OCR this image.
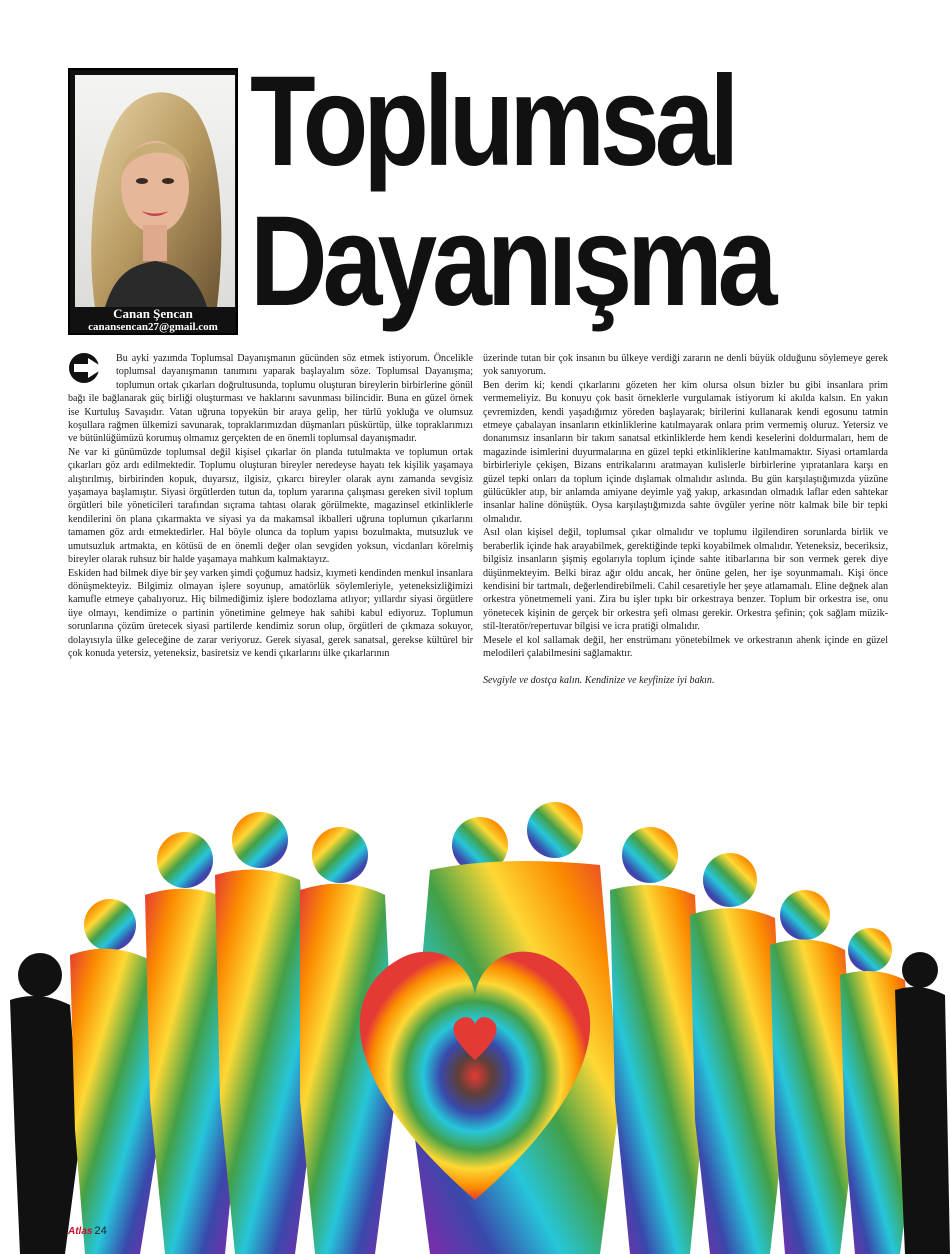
Canan Şencan
canansencan27@gmail.com
Toplumsal
Dayanışma

Bu ayki yazımda Toplumsal Dayanışmanın gücünden söz etmek istiyorum. Öncelikle toplumsal dayanışmanın tanımını yaparak başlayalım söze. Toplumsal Dayanışma; toplumun ortak çıkarları doğrultusunda, toplumu oluşturan bireylerin birbirlerine gönül bağı ile bağlanarak güç birliği oluşturması ve haklarını savunması bilincidir. Buna en güzel örnek ise Kurtuluş Savaşıdır. Vatan uğruna topyekün bir araya gelip, her türlü yokluğa ve olumsuz koşullara rağmen ülkemizi savunarak, topraklarımızdan düşmanları püskürtüp, ülke topraklarımızı ve bütünlüğümüzü korumuş olmamız gerçekten de en önemli toplumsal dayanışmadır.

Ne var ki günümüzde toplumsal değil kişisel çıkarlar ön planda tutulmakta ve toplumun ortak çıkarları göz ardı edilmektedir. Toplumu oluşturan bireyler neredeyse hayatı tek kişilik yaşamaya alıştırılmış, birbirinden kopuk, duyarsız, ilgisiz, çıkarcı bireyler olarak aynı zamanda sevgisiz yaşamaya başlamıştır. Siyasi örgütlerden tutun da, toplum yararına çalışması gereken sivil toplum örgütleri bile yöneticileri tarafından sıçrama tahtası olarak görülmekte, magazinsel etkinliklerle kendilerini ön plana çıkarmakta ve siyasi ya da makamsal ikballeri uğruna toplumun çıkarlarını tamamen göz ardı etmektedirler. Hal böyle olunca da toplum yapısı bozulmakta, mutsuzluk ve umutsuzluk artmakta, en kötüsü de en önemli değer olan sevgiden yoksun, vicdanları körelmiş bireyler olarak ruhsuz bir halde yaşamaya mahkum kalmaktayız.

Eskiden had bilmek diye bir şey varken şimdi çoğumuz hadsiz, kıymeti kendinden menkul insanlara dönüşmekteyiz. Bilgimiz olmayan işlere soyunup, amatörlük söylemleriyle, yeteneksizliğimizi kamufle etmeye çabalıyoruz. Hiç bilmediğimiz işlere bodozlama atlıyor; yıllardır siyasi örgütlere üye olmayı, kendimize o partinin yönetimine gelmeye hak sahibi kabul ediyoruz. Toplumun sorunlarına çözüm üretecek siyasi partilerde kendimiz sorun olup, örgütleri de çıkmaza sokuyor, dolayısıyla ülke geleceğine de zarar veriyoruz. Gerek siyasal, gerek sanatsal, gerekse kültürel bir çok konuda yetersiz, yeteneksiz, basiretsiz ve kendi çıkarlarını ülke çıkarlarının

üzerinde tutan bir çok insanın bu ülkeye verdiği zararın ne denli büyük olduğunu söylemeye gerek yok sanıyorum.

Ben derim ki; kendi çıkarlarını gözeten her kim olursa olsun bizler bu gibi insanlara prim vermemeliyiz. Bu konuyu çok basit örneklerle vurgulamak istiyorum ki akılda kalsın. En yakın çevremizden, kendi yaşadığımız yöreden başlayarak; birilerini kullanarak kendi egosunu tatmin etmeye çabalayan insanların etkinliklerine katılmayarak onlara prim vermemiş oluruz. Yetersiz ve donanımsız insanların bir takım sanatsal etkinliklerde hem kendi keselerini doldurmaları, hem de magazinde isimlerini duyurmalarına en güzel tepki etkinliklerine katılmamaktır. Siyasi ortamlarda birbirleriyle çekişen, Bizans entrikalarını aratmayan kulislerle birbirlerine yıpratanlara karşı en güzel tepki onları da toplum içinde dışlamak olmalıdır aslında. Bu gün karşılaştığımızda yüzüne gülücükler atıp, bir anlamda amiyane deyimle yağ yakıp, arkasından olmadık laflar eden sahtekar insanlar haline dönüştük. Oysa karşılaştığımızda sahte övgüler yerine nötr kalmak bile bir tepki olmalıdır.

Asıl olan kişisel değil, toplumsal çıkar olmalıdır ve toplumu ilgilendiren sorunlarda birlik ve beraberlik içinde hak arayabilmek, gerektiğinde tepki koyabilmek olmalıdır. Yeteneksiz, beceriksiz, bilgisiz insanların şişmiş egolarıyla toplum içinde sahte itibarlarına bir son vermek gerek diye düşünmekteyim. Belki biraz ağır oldu ancak, her önüne gelen, her işe soyunmamalı. Kişi önce kendisini bir tartmalı, değerlendirebilmeli. Cahil cesaretiyle her şeye atlamamalı. Eline değnek alan orkestra yönetmemeli yani. Zira bu işler tıpkı bir orkestraya benzer. Toplum bir orkestra ise, onu yönetecek kişinin de gerçek bir orkestra şefi olması gerekir. Orkestra şefinin; çok sağlam müzik-stil-lteratör/repertuvar bilgisi ve icra pratiği olmalıdır.

Mesele el kol sallamak değil, her enstrümanı yönetebilmek ve orkestranın ahenk içinde en güzel melodileri çalabilmesini sağlamaktır.

Sevgiyle ve dostça kalın. Kendinize ve keyfinize iyi bakın.

Atlas 24
